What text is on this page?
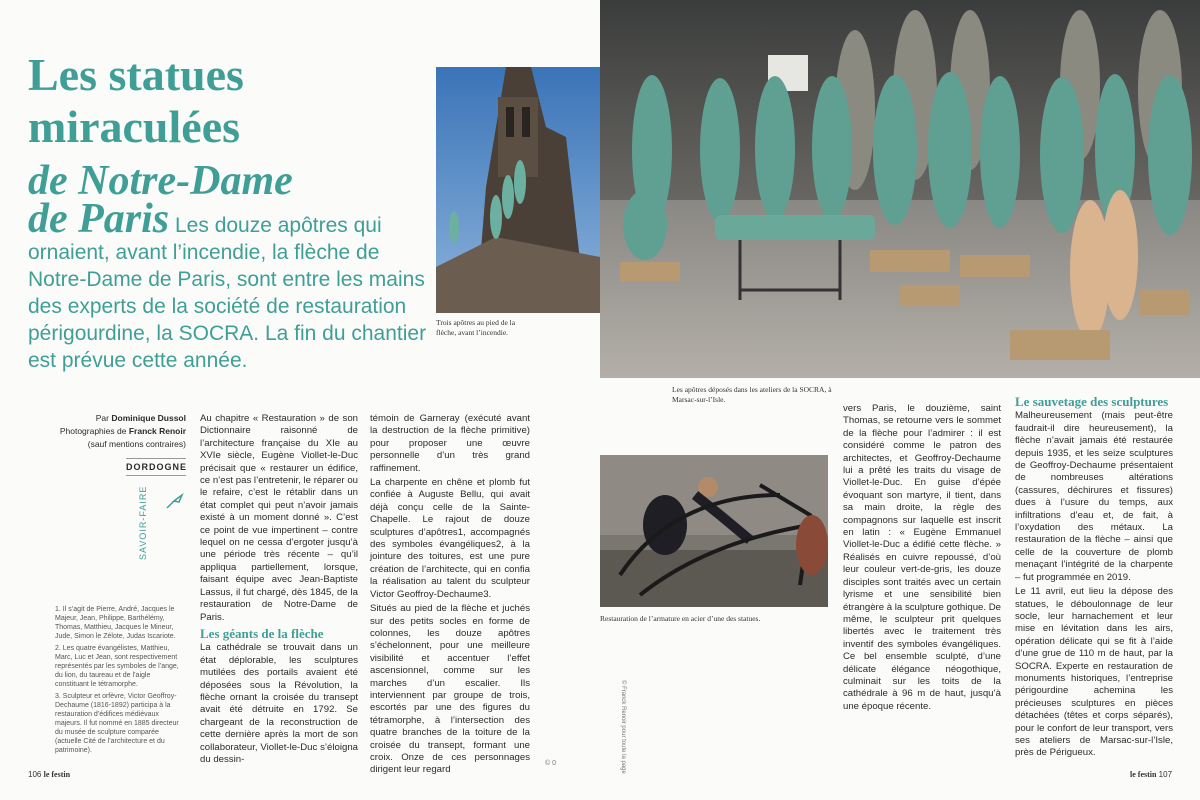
Les statues
miraculées
de Notre-Dame
de Paris Les douze apôtres qui ornaient, avant l’incendie, la flèche de Notre-Dame de Paris, sont entre les mains des experts de la société de restauration périgourdine, la SOCRA. La fin du chantier est prévue cette année.
Trois apôtres au pied de la flèche, avant l’incendie.
Les apôtres déposés dans les ateliers de la SOCRA, à Marsac-sur-l’Isle.
Restauration de l’armature en acier d’une des statues.
Par Dominique Dussol
Photographies de Franck Renoir
(sauf mentions contraires)
DORDOGNE
SAVOIR-FAIRE

1. Il s’agit de Pierre, André, Jacques le Majeur, Jean, Philippe, Barthélémy, Thomas, Matthieu, Jacques le Mineur, Jude, Simon le Zélote, Judas Iscariote.

2. Les quatre évangélistes, Matthieu, Marc, Luc et Jean, sont respectivement représentés par les symboles de l’ange, du lion, du taureau et de l’aigle constituant le tétramorphe.

3. Sculpteur et orfèvre, Victor Geoffroy-Dechaume (1816-1892) participa à la restauration d’édifices médiévaux majeurs. Il fut nommé en 1885 directeur du musée de sculpture comparée (actuelle Cité de l’architecture et du patrimoine).

Au chapitre « Restauration » de son Dictionnaire raisonné de l’architecture française du XIe au XVIe siècle, Eugène Viollet-le-Duc précisait que « restaurer un édifice, ce n’est pas l’entretenir, le réparer ou le refaire, c’est le rétablir dans un état complet qui peut n’avoir jamais existé à un moment donné ». C’est ce point de vue impertinent – contre lequel on ne cessa d’ergoter jusqu’à une période très récente – qu’il appliqua partiellement, lorsque, faisant équipe avec Jean-Baptiste Lassus, il fut chargé, dès 1845, de la restauration de Notre-Dame de Paris.

Les géants de la flèche

La cathédrale se trouvait dans un état déplorable, les sculptures mutilées des portails avaient été déposées sous la Révolution, la flèche ornant la croisée du transept avait été détruite en 1792. Se chargeant de la reconstruction de cette dernière après la mort de son collaborateur, Viollet-le-Duc s’éloigna du dessin-

témoin de Garneray (exécuté avant la destruction de la flèche primitive) pour proposer une œuvre personnelle d’un très grand raffinement.

La charpente en chêne et plomb fut confiée à Auguste Bellu, qui avait déjà conçu celle de la Sainte-Chapelle. Le rajout de douze sculptures d’apôtres1, accompagnés des symboles évangéliques2, à la jointure des toitures, est une pure création de l’architecte, qui en confia la réalisation au talent du sculpteur Victor Geoffroy-Dechaume3.

Situés au pied de la flèche et juchés sur des petits socles en forme de colonnes, les douze apôtres s’échelonnent, pour une meilleure visibilité et accentuer l’effet ascensionnel, comme sur les marches d’un escalier. Ils interviennent par groupe de trois, escortés par une des figures du tétramorphe, à l’intersection des quatre branches de la toiture de la croisée du transept, formant une croix. Onze de ces personnages dirigent leur regard

vers Paris, le douzième, saint Thomas, se retourne vers le sommet de la flèche pour l’admirer : il est considéré comme le patron des architectes, et Geoffroy-Dechaume lui a prêté les traits du visage de Viollet-le-Duc. En guise d’épée évoquant son martyre, il tient, dans sa main droite, la règle des compagnons sur laquelle est inscrit en latin : « Eugène Emmanuel Viollet-le-Duc a édifié cette flèche. » Réalisés en cuivre repoussé, d’où leur couleur vert-de-gris, les douze disciples sont traités avec un certain lyrisme et une sensibilité bien étrangère à la sculpture gothique. De même, le sculpteur prit quelques libertés avec le traitement très inventif des symboles évangéliques. Ce bel ensemble sculpté, d’une délicate élégance néogothique, culminait sur les toits de la cathédrale à 96 m de haut, jusqu’à une époque récente.

Le sauvetage des sculptures

Malheureusement (mais peut-être faudrait-il dire heureusement), la flèche n’avait jamais été restaurée depuis 1935, et les seize sculptures de Geoffroy-Dechaume présentaient de nombreuses altérations (cassures, déchirures et fissures) dues à l’usure du temps, aux infiltrations d’eau et, de fait, à l’oxydation des métaux. La restauration de la flèche – ainsi que celle de la couverture de plomb menaçant l’intégrité de la charpente – fut programmée en 2019.

Le 11 avril, eut lieu la dépose des statues, le déboulonnage de leur socle, leur harnachement et leur mise en lévitation dans les airs, opération délicate qui se fit à l’aide d’une grue de 110 m de haut, par la SOCRA. Experte en restauration de monuments historiques, l’entreprise périgourdine achemina les précieuses sculptures en pièces détachées (têtes et corps séparés), pour le confort de leur transport, vers ses ateliers de Marsac-sur-l’Isle, près de Périgueux.

106 le festin	le festin 107
© 0	© Franck Renoir pour toute la page
